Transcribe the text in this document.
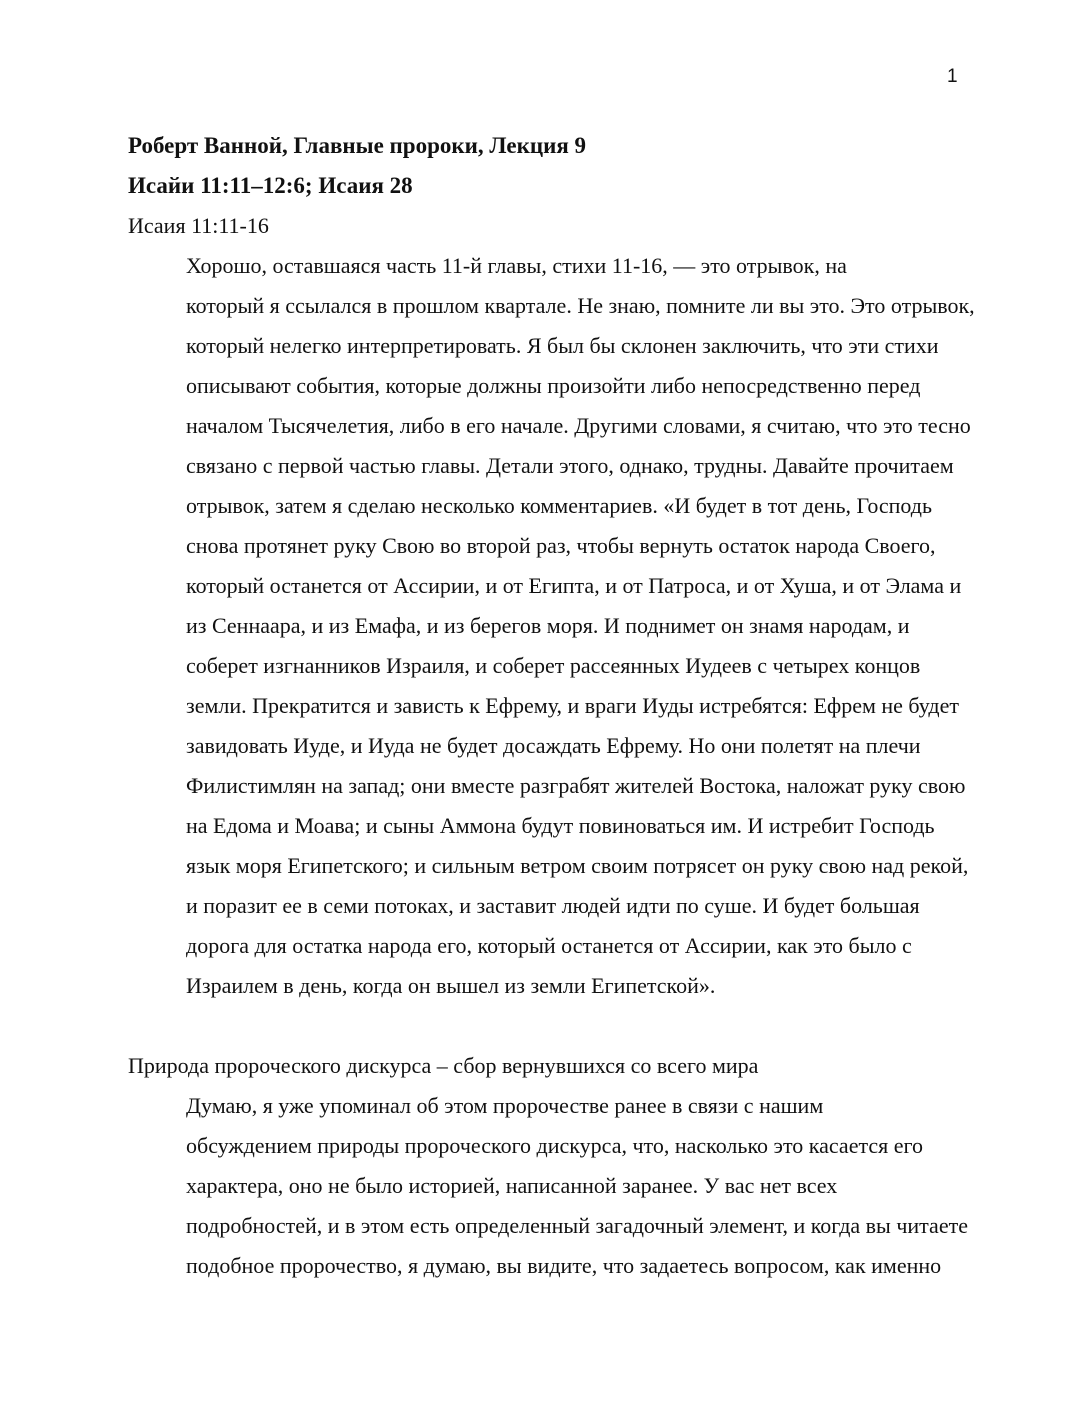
1

Роберт Ванной, Главные пророки, Лекция 9

Исайи 11:11–12:6; Исаия 28

Исаия 11:11-16

Хорошо, оставшаяся часть 11-й главы, стихи 11-16, — это отрывок, на
который я ссылался в прошлом квартале. Не знаю, помните ли вы это. Это отрывок,
который нелегко интерпретировать. Я был бы склонен заключить, что эти стихи
описывают события, которые должны произойти либо непосредственно перед
началом Тысячелетия, либо в его начале. Другими словами, я считаю, что это тесно
связано с первой частью главы. Детали этого, однако, трудны. Давайте прочитаем
отрывок, затем я сделаю несколько комментариев. «И будет в тот день, Господь
снова протянет руку Свою во второй раз, чтобы вернуть остаток народа Своего,
который останется от Ассирии, и от Египта, и от Патроса, и от Хуша, и от Элама и
из Сеннаара, и из Емафа, и из берегов моря. И поднимет он знамя народам, и
соберет изгнанников Израиля, и соберет рассеянных Иудеев с четырех концов
земли. Прекратится и зависть к Ефрему, и враги Иуды истребятся: Ефрем не будет
завидовать Иуде, и Иуда не будет досаждать Ефрему. Но они полетят на плечи
Филистимлян на запад; они вместе разграбят жителей Востока, наложат руку свою
на Едома и Моава; и сыны Аммона будут повиноваться им. И истребит Господь
язык моря Египетского; и сильным ветром своим потрясет он руку свою над рекой,
и поразит ее в семи потоках, и заставит людей идти по суше. И будет большая
дорога для остатка народа его, который останется от Ассирии, как это было с
Израилем в день, когда он вышел из земли Египетской».

Природа пророческого дискурса – сбор вернувшихся со всего мира

Думаю, я уже упоминал об этом пророчестве ранее в связи с нашим
обсуждением природы пророческого дискурса, что, насколько это касается его
характера, оно не было историей, написанной заранее. У вас нет всех
подробностей, и в этом есть определенный загадочный элемент, и когда вы читаете
подобное пророчество, я думаю, вы видите, что задаетесь вопросом, как именно
